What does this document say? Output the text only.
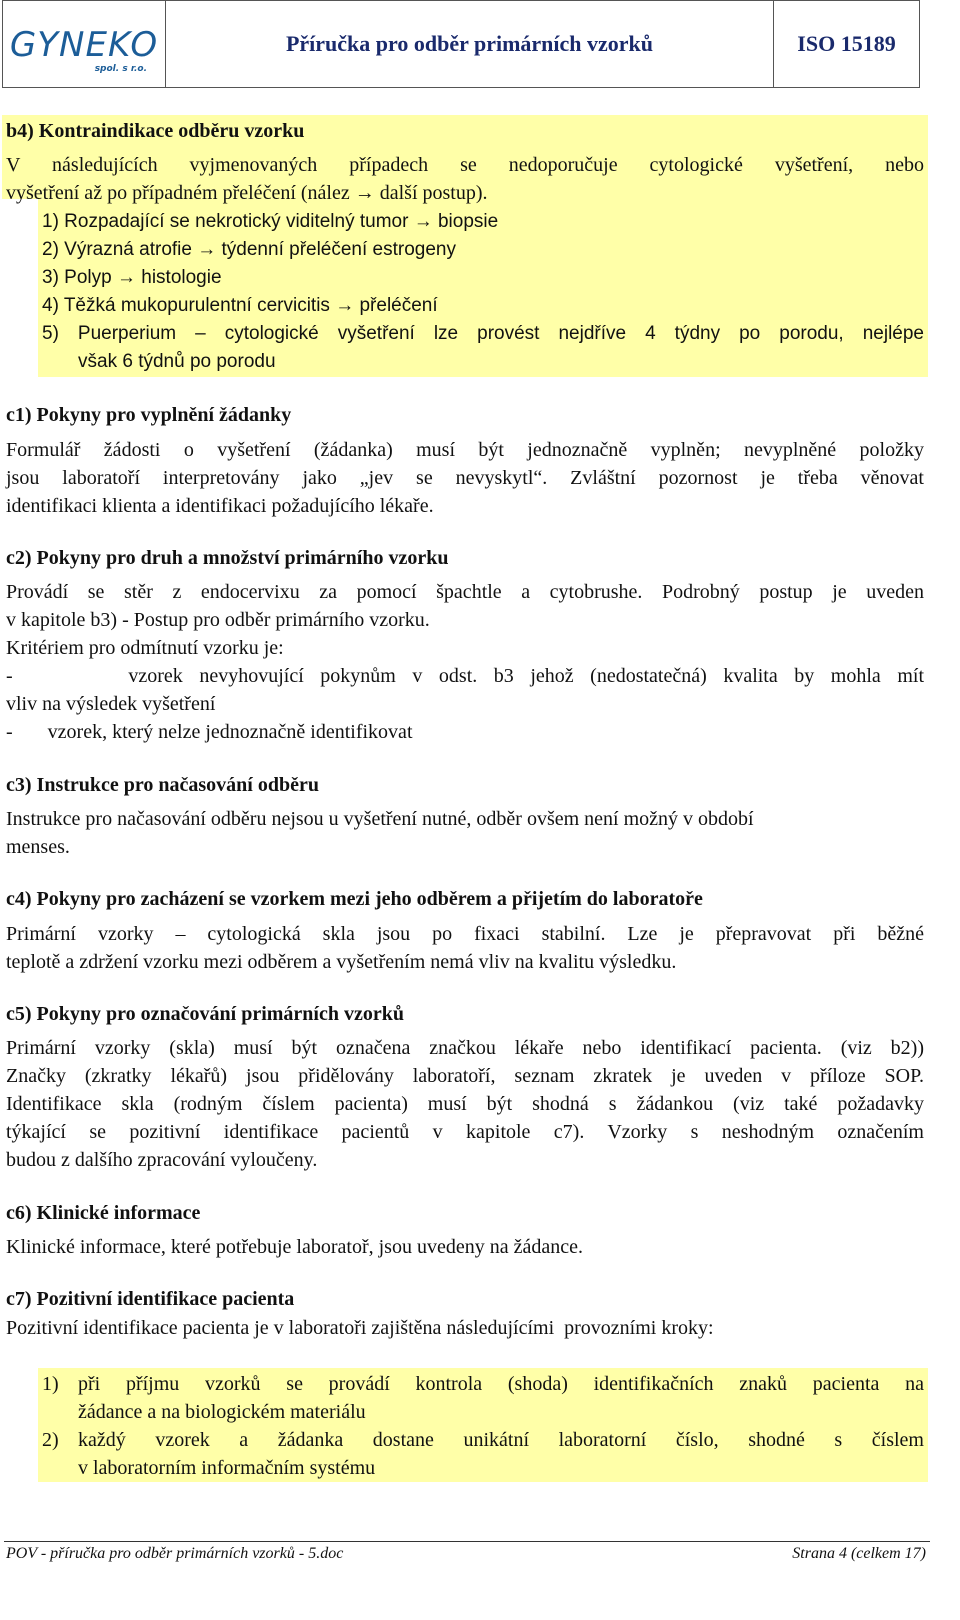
GYNEKO
spol. s r.o.
Příručka pro odběr primárních vzorků	ISO 15189
b4) Kontraindikace odběru vzorku
V následujících vyjmenovaných případech se nedoporučuje cytologické vyšetření, nebo
vyšetření až po případném přeléčení (nález → další postup).
1) Rozpadající se nekrotický viditelný tumor → biopsie
2) Výrazná atrofie → týdenní přeléčení estrogeny
3) Polyp → histologie
4) Těžká mukopurulentní cervicitis → přeléčení
5) Puerperium – cytologické vyšetření lze provést nejdříve 4 týdny po porodu, nejlépe
však 6 týdnů po porodu
c1) Pokyny pro vyplnění žádanky
Formulář žádosti o vyšetření (žádanka) musí být jednoznačně vyplněn; nevyplněné položky
jsou laboratoří interpretovány jako „jev se nevyskytl“. Zvláštní pozornost je třeba věnovat
identifikaci klienta a identifikaci požadujícího lékaře.
c2) Pokyny pro druh a množství primárního vzorku
Provádí se stěr z endocervixu za pomocí špachtle a cytobrushe. Podrobný postup je uveden
v kapitole b3) - Postup pro odběr primárního vzorku.
Kritériem pro odmítnutí vzorku je:
-       vzorek nevyhovující pokynům v odst. b3 jehož (nedostatečná) kvalita by mohla mít
vliv na výsledek vyšetření
-       vzorek, který nelze jednoznačně identifikovat
c3) Instrukce pro načasování odběru
Instrukce pro načasování odběru nejsou u vyšetření nutné, odběr ovšem není možný v období
menses.
c4) Pokyny pro zacházení se vzorkem mezi jeho odběrem a přijetím do laboratoře
Primární vzorky – cytologická skla jsou po fixaci stabilní. Lze je přepravovat při běžné
teplotě a zdržení vzorku mezi odběrem a vyšetřením nemá vliv na kvalitu výsledku.
c5) Pokyny pro označování primárních vzorků
Primární vzorky (skla) musí být označena značkou lékaře nebo identifikací pacienta. (viz b2))
Značky (zkratky lékařů) jsou přidělovány laboratoří, seznam zkratek je uveden v příloze SOP.
Identifikace skla (rodným číslem pacienta) musí být shodná s žádankou (viz také požadavky
týkající se pozitivní identifikace pacientů v kapitole c7). Vzorky s neshodným označením
budou z dalšího zpracování vyloučeny.
c6) Klinické informace
Klinické informace, které potřebuje laboratoř, jsou uvedeny na žádance.
c7) Pozitivní identifikace pacienta
Pozitivní identifikace pacienta je v laboratoři zajištěna následujícími  provozními kroky:
1) při příjmu vzorků se provádí kontrola (shoda) identifikačních znaků pacienta na
žádance a na biologickém materiálu
2) každý vzorek a žádanka dostane unikátní laboratorní číslo, shodné s číslem
v laboratorním informačním systému
POV - příručka pro odběr primárních vzorků - 5.doc	Strana 4 (celkem 17)
